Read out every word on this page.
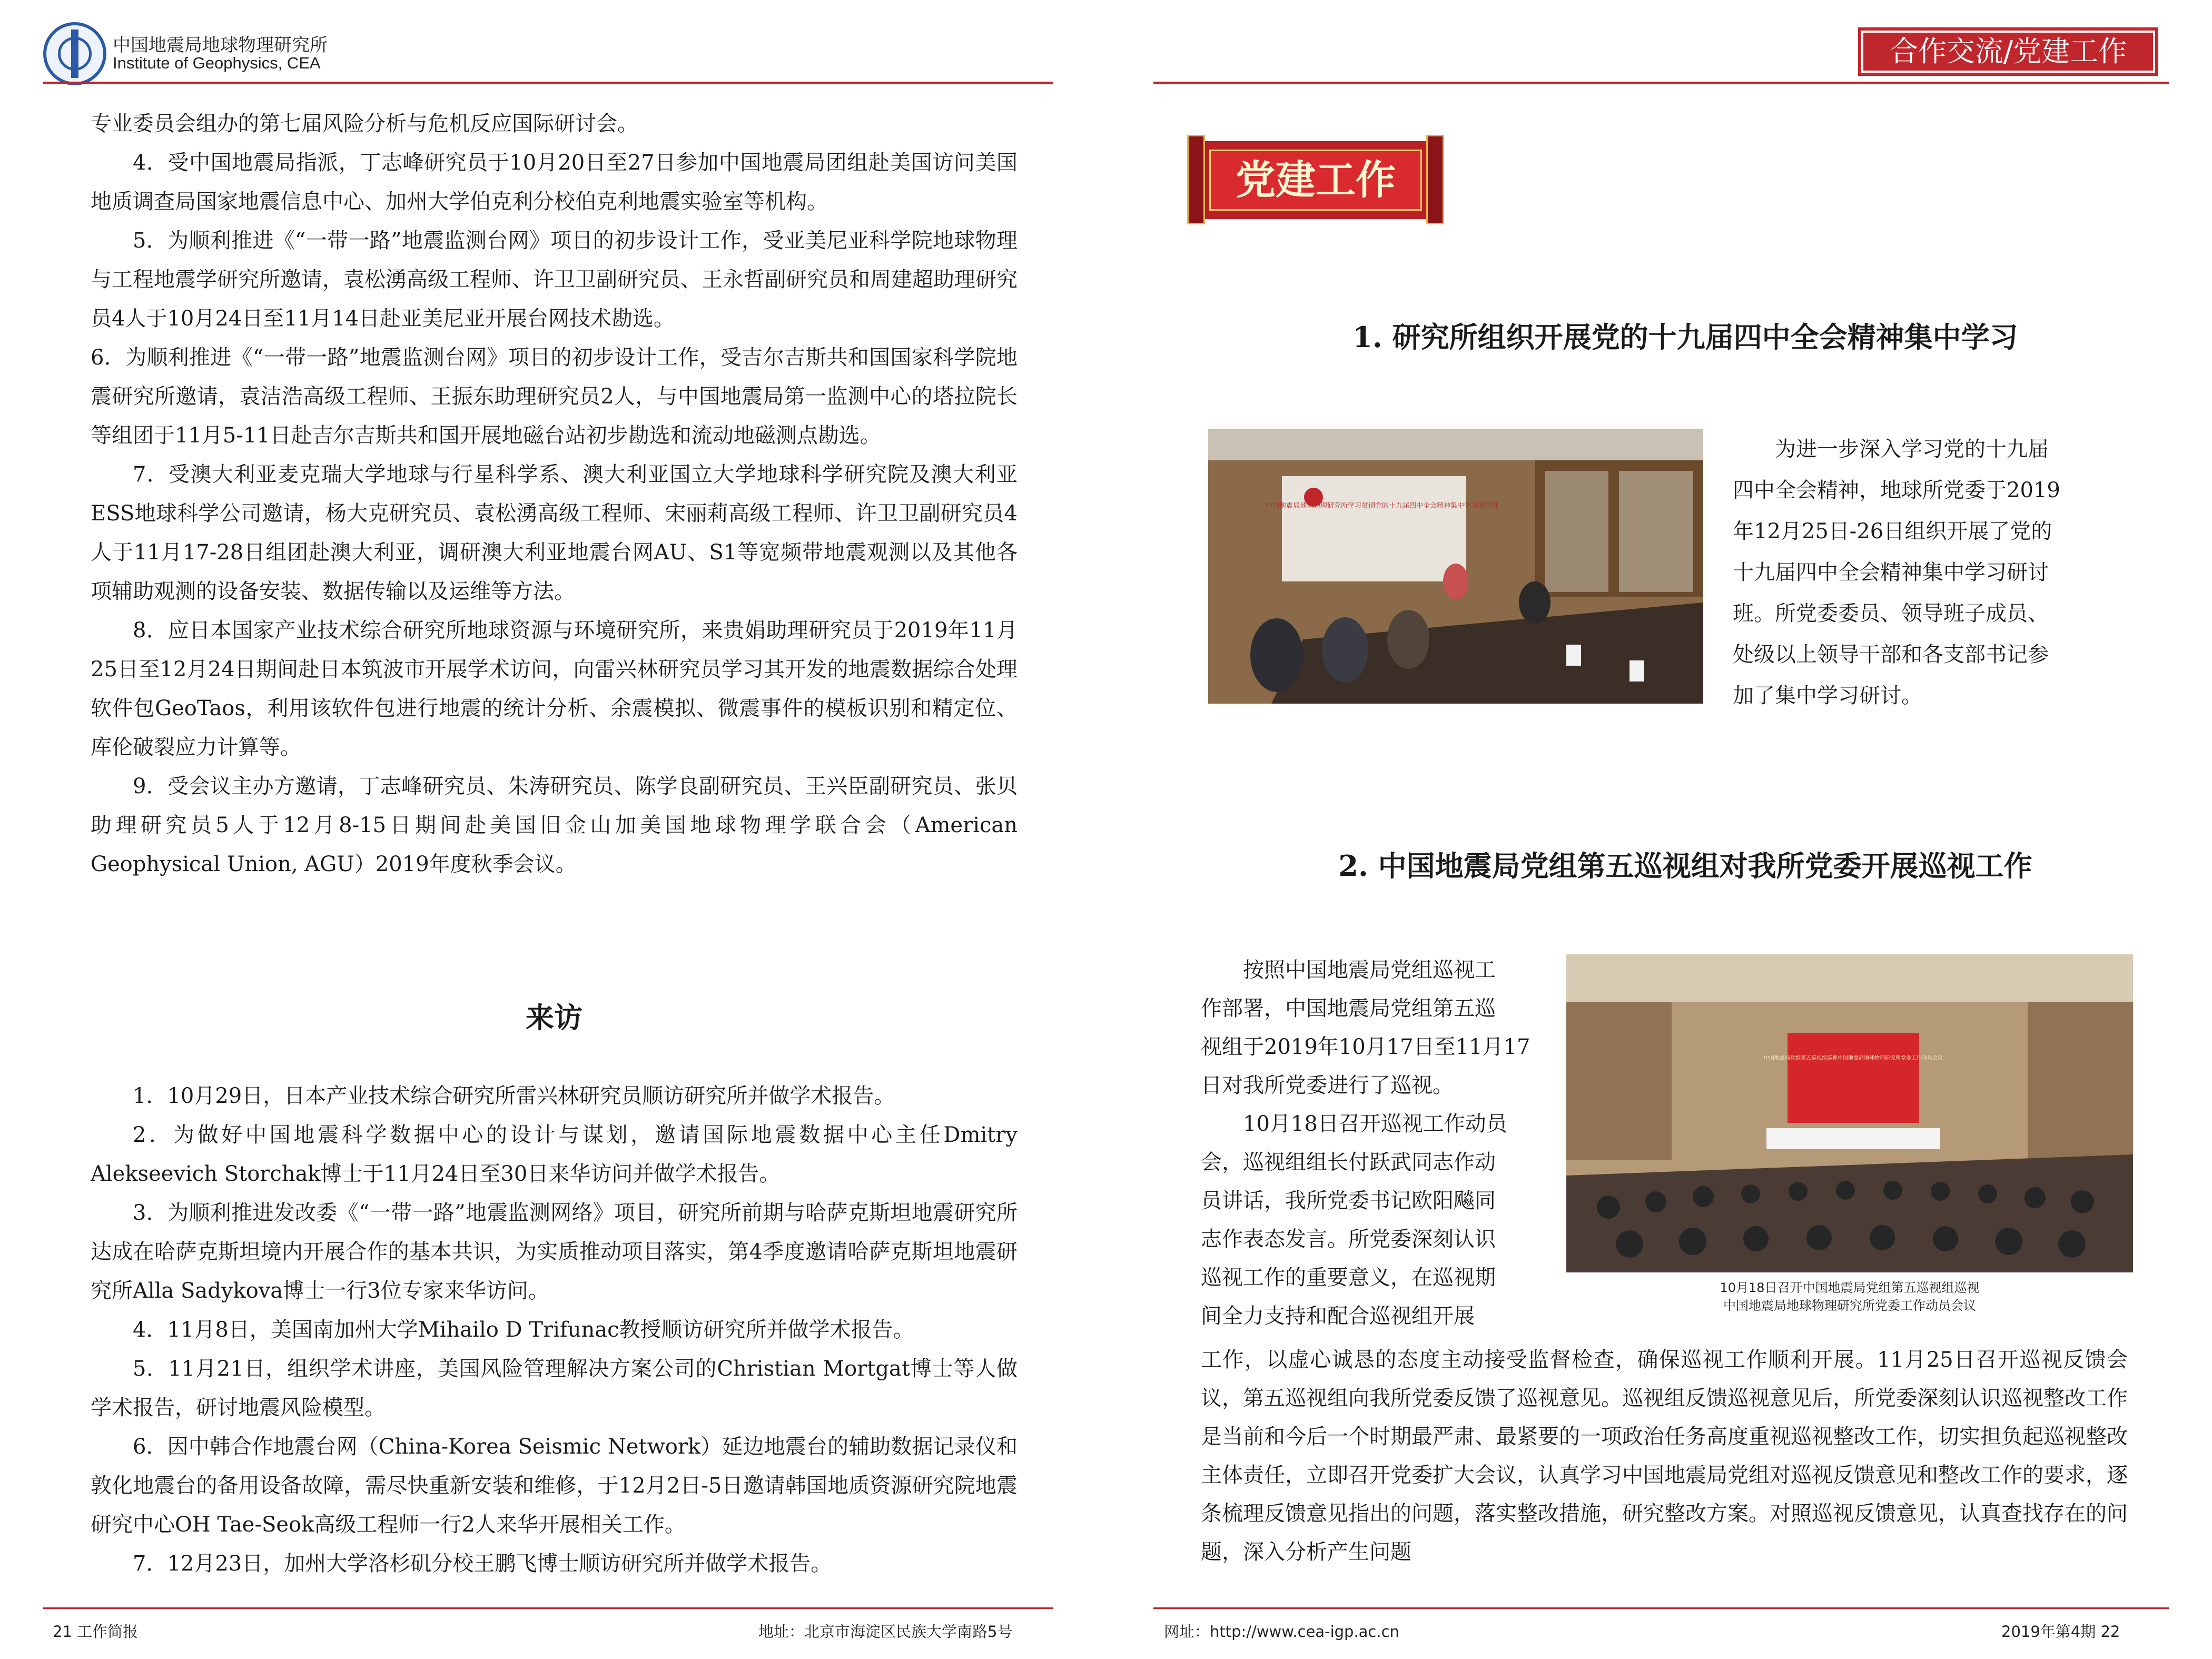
中国地震局地球物理研究所
Institute of Geophysics, CEA	合作交流/党建工作

专业委员会组办的第七届风险分析与危机反应国际研讨会。

4．受中国地震局指派，丁志峰研究员于10月20日至27日参加中国地震局团组赴美国访问美国地质调查局国家地震信息中心、加州大学伯克利分校伯克利地震实验室等机构。

5．为顺利推进《“一带一路”地震监测台网》项目的初步设计工作，受亚美尼亚科学院地球物理与工程地震学研究所邀请，袁松湧高级工程师、许卫卫副研究员、王永哲副研究员和周建超助理研究员4人于10月24日至11月14日赴亚美尼亚开展台网技术勘选。

6．为顺利推进《“一带一路”地震监测台网》项目的初步设计工作，受吉尔吉斯共和国国家科学院地震研究所邀请，袁洁浩高级工程师、王振东助理研究员2人，与中国地震局第一监测中心的塔拉院长等组团于11月5-11日赴吉尔吉斯共和国开展地磁台站初步勘选和流动地磁测点勘选。

7．受澳大利亚麦克瑞大学地球与行星科学系、澳大利亚国立大学地球科学研究院及澳大利亚ESS地球科学公司邀请，杨大克研究员、袁松湧高级工程师、宋丽莉高级工程师、许卫卫副研究员4人于11月17-28日组团赴澳大利亚，调研澳大利亚地震台网AU、S1等宽频带地震观测以及其他各项辅助观测的设备安装、数据传输以及运维等方法。

8．应日本国家产业技术综合研究所地球资源与环境研究所，来贵娟助理研究员于2019年11月25日至12月24日期间赴日本筑波市开展学术访问，向雷兴林研究员学习其开发的地震数据综合处理软件包GeoTaos，利用该软件包进行地震的统计分析、余震模拟、微震事件的模板识别和精定位、库伦破裂应力计算等。

9．受会议主办方邀请，丁志峰研究员、朱涛研究员、陈学良副研究员、王兴臣副研究员、张贝助理研究员5人于12月8-15日期间赴美国旧金山加美国地球物理学联合会（American Geophysical Union, AGU）2019年度秋季会议。

来访

1．10月29日，日本产业技术综合研究所雷兴林研究员顺访研究所并做学术报告。

2．为做好中国地震科学数据中心的设计与谋划，邀请国际地震数据中心主任Dmitry Alekseevich Storchak博士于11月24日至30日来华访问并做学术报告。

3．为顺利推进发改委《“一带一路”地震监测网络》项目，研究所前期与哈萨克斯坦地震研究所达成在哈萨克斯坦境内开展合作的基本共识，为实质推动项目落实，第4季度邀请哈萨克斯坦地震研究所Alla Sadykova博士一行3位专家来华访问。

4．11月8日，美国南加州大学Mihailo D Trifunac教授顺访研究所并做学术报告。

5．11月21日，组织学术讲座，美国风险管理解决方案公司的Christian Mortgat博士等人做学术报告，研讨地震风险模型。

6．因中韩合作地震台网（China-Korea Seismic Network）延边地震台的辅助数据记录仪和敦化地震台的备用设备故障，需尽快重新安装和维修，于12月2日-5日邀请韩国地质资源研究院地震研究中心OH Tae-Seok高级工程师一行2人来华开展相关工作。

7．12月23日，加州大学洛杉矶分校王鹏飞博士顺访研究所并做学术报告。

21 工作简报	地址：北京市海淀区民族大学南路5号
党建工作
1. 研究所组织开展党的十九届四中全会精神集中学习
中国地震局地球物理研究所学习贯彻党的十九届四中全会精神集中学习研讨班

为进一步深入学习党的十九届

四中全会精神，地球所党委于2019

年12月25日-26日组织开展了党的

十九届四中全会精神集中学习研讨

班。所党委委员、领导班子成员、

处级以上领导干部和各支部书记参

加了集中学习研讨。

2. 中国地震局党组第五巡视组对我所党委开展巡视工作

按照中国地震局党组巡视工

作部署，中国地震局党组第五巡

视组于2019年10月17日至11月17

日对我所党委进行了巡视。

10月18日召开巡视工作动员

会，巡视组组长付跃武同志作动

员讲话，我所党委书记欧阳飚同

志作表态发言。所党委深刻认识

巡视工作的重要意义，在巡视期

间全力支持和配合巡视组开展

中国地震局党组第五巡视组巡视中国地震局地球物理研究所党委工作动员会议
10月18日召开中国地震局党组第五巡视组巡视
中国地震局地球物理研究所党委工作动员会议
工作，以虚心诚恳的态度主动接受监督检查，确保巡视工作顺利开展。11月25日召开巡视反馈会议，第五巡视组向我所党委反馈了巡视意见。巡视组反馈巡视意见后，所党委深刻认识巡视整改工作是当前和今后一个时期最严肃、最紧要的一项政治任务高度重视巡视整改工作，切实担负起巡视整改主体责任，立即召开党委扩大会议，认真学习中国地震局党组对巡视反馈意见和整改工作的要求，逐条梳理反馈意见指出的问题，落实整改措施，研究整改方案。对照巡视反馈意见，认真查找存在的问题，深入分析产生问题
网址：http://www.cea-igp.ac.cn	2019年第4期 22
